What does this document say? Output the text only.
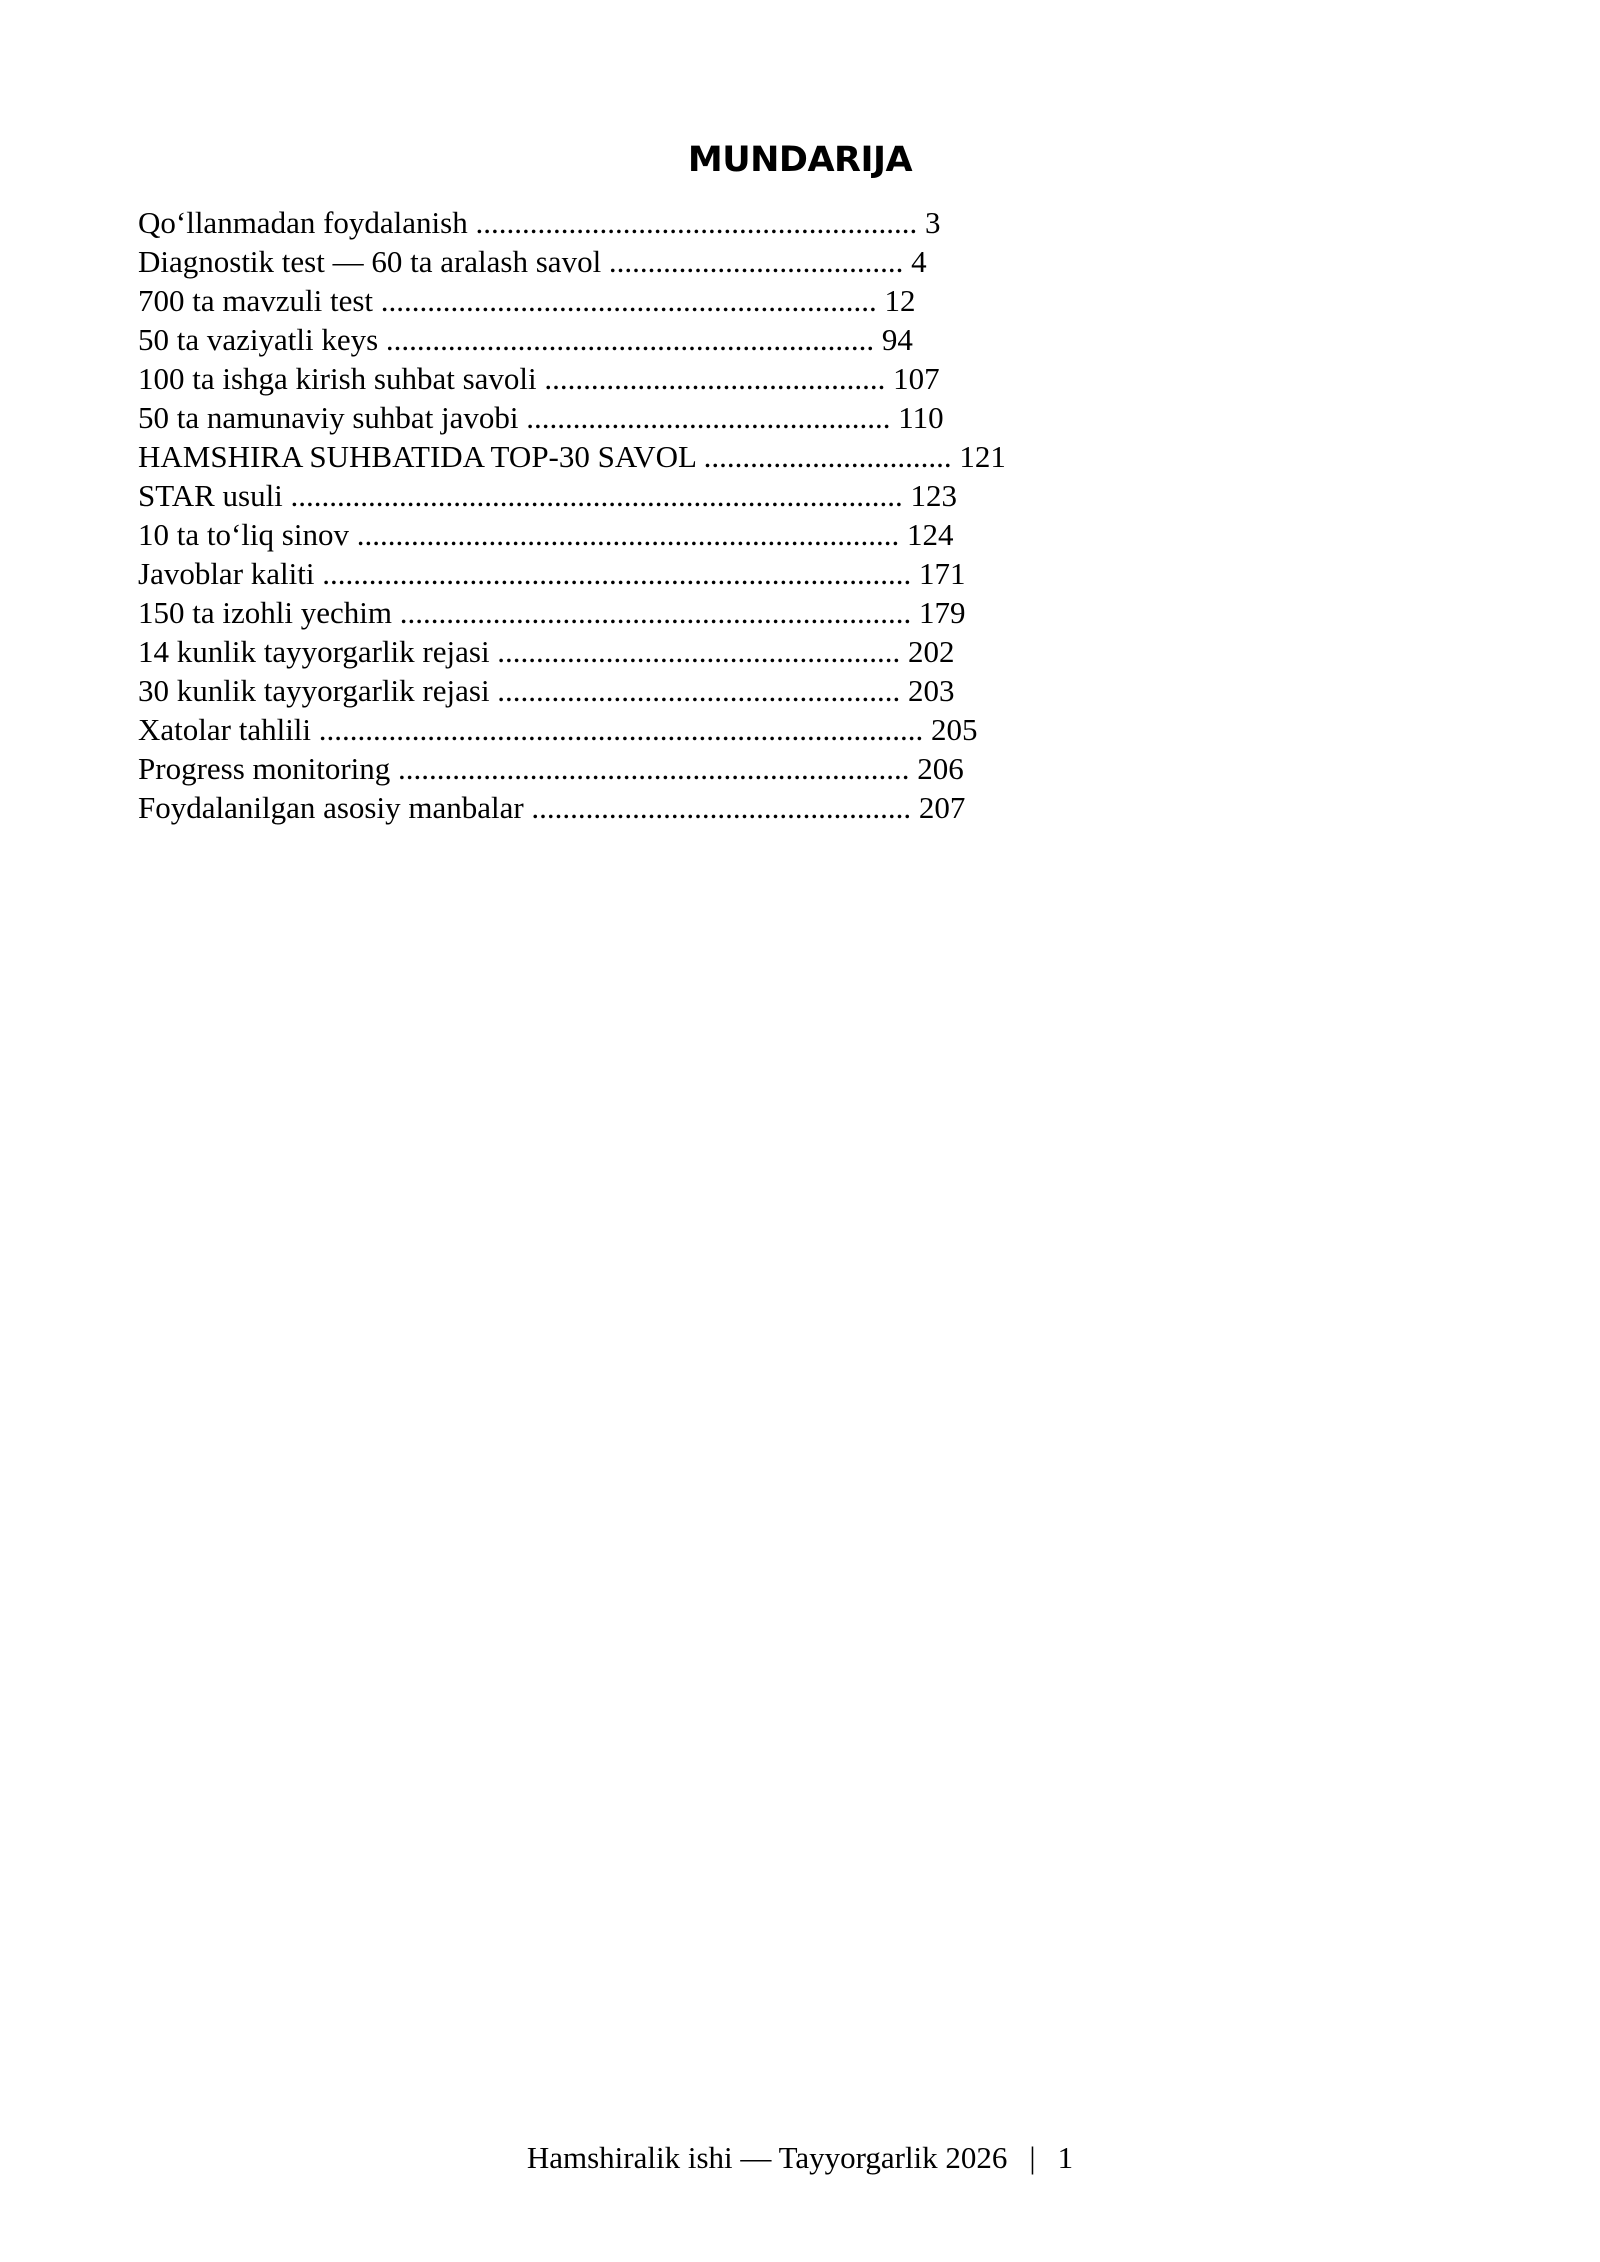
MUNDARIJA
Qo‘llanmadan foydalanish ......................................................... 3
Diagnostik test — 60 ta aralash savol ...................................... 4
700 ta mavzuli test ................................................................ 12
50 ta vaziyatli keys ............................................................... 94
100 ta ishga kirish suhbat savoli ............................................ 107
50 ta namunaviy suhbat javobi ............................................... 110
HAMSHIRA SUHBATIDA TOP-30 SAVOL ................................ 121
STAR usuli ............................................................................... 123
10 ta to‘liq sinov ...................................................................... 124
Javoblar kaliti ............................................................................ 171
150 ta izohli yechim .................................................................. 179
14 kunlik tayyorgarlik rejasi .................................................... 202
30 kunlik tayyorgarlik rejasi .................................................... 203
Xatolar tahlili .............................................................................. 205
Progress monitoring .................................................................. 206
Foydalanilgan asosiy manbalar ................................................. 207
Hamshiralik ishi — Tayyorgarlik 2026 | 1
